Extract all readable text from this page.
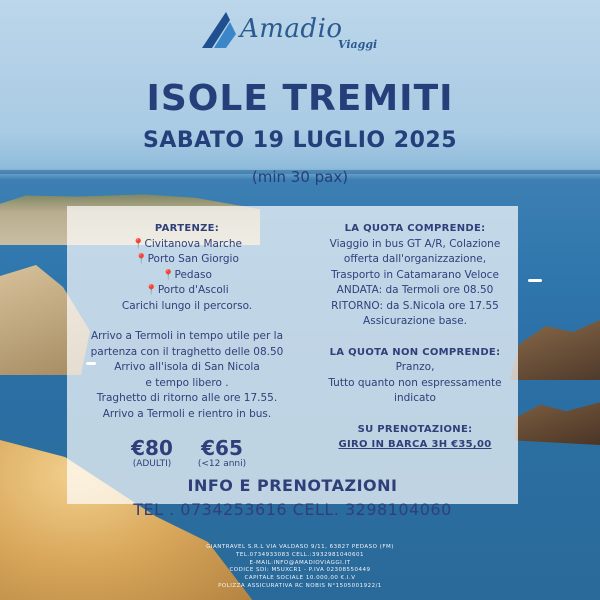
Amadio
Viaggi
ISOLE TREMITI
SABATO 19 LUGLIO 2025
(min 30 pax)
PARTENZE:
📍Civitanova Marche
📍Porto San Giorgio
📍Pedaso
📍Porto d'Ascoli
Carichi lungo il percorso.
Arrivo a Termoli in tempo utile per la
partenza con il traghetto delle 08.50
Arrivo all'isola di San Nicola
e tempo libero .
Traghetto di ritorno alle ore 17.55.
Arrivo a Termoli e rientro in bus.
€80
(ADULTI)
€65
(<12 anni)
LA QUOTA COMPRENDE:
Viaggio in bus GT A/R, Colazione
offerta dall'organizzazione,
Trasporto in Catamarano Veloce
ANDATA: da Termoli ore 08.50
RITORNO: da S.Nicola ore 17.55
Assicurazione base.
LA QUOTA NON COMPRENDE:
Pranzo,
Tutto quanto non espressamente
indicato
SU PRENOTAZIONE:
GIRO IN BARCA 3H €35,00
INFO E PRENOTAZIONI
TEL . 0734253616 CELL. 3298104060
GIANTRAVEL S.R.L VIA VALDASO 9/11, 63827 PEDASO (FM)
TEL.0734933083 CELL.:3932981040601
E-MAIL:INFO@AMADIOVIAGGI.IT
CODICE SDI: M5UXCR1 - P.IVA 02308550449
CAPITALE SOCIALE 10.000,00 €.I.V
POLIZZA ASSICURATIVA RC NOBIS N°1505001922/1
